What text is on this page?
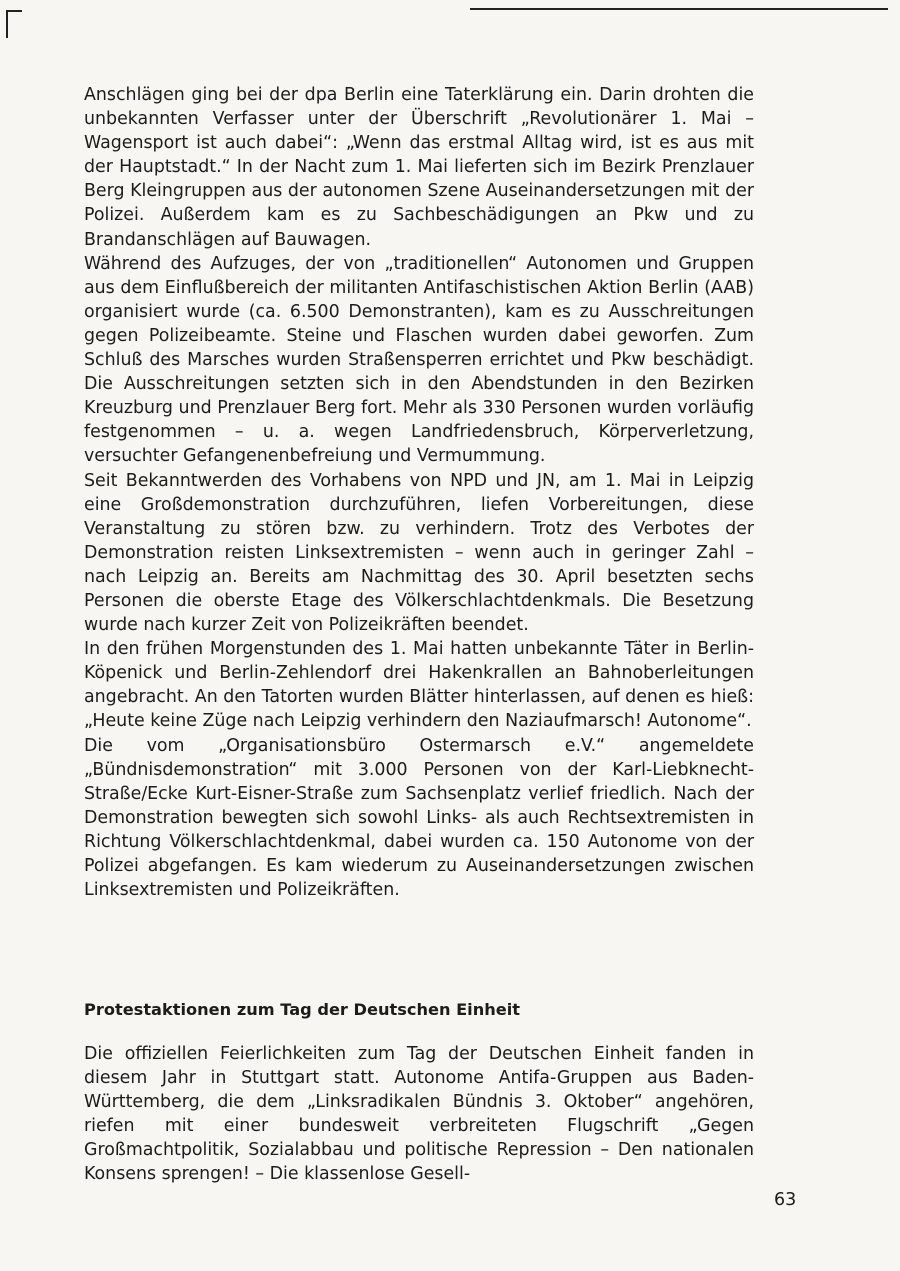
Anschlägen ging bei der dpa Berlin eine Taterklärung ein. Darin drohten die unbekannten Verfasser unter der Überschrift „Revolutionärer 1. Mai – Wagensport ist auch dabei“: „Wenn das erstmal Alltag wird, ist es aus mit der Hauptstadt.“ In der Nacht zum 1. Mai lieferten sich im Bezirk Prenzlauer Berg Kleingruppen aus der autonomen Szene Auseinandersetzungen mit der Polizei. Außerdem kam es zu Sachbeschädigungen an Pkw und zu Brandanschlägen auf Bauwagen.

Während des Aufzuges, der von „traditionellen“ Autonomen und Gruppen aus dem Einflußbereich der militanten Antifaschistischen Aktion Berlin (AAB) organisiert wurde (ca. 6.500 Demonstranten), kam es zu Ausschreitungen gegen Polizeibeamte. Steine und Flaschen wurden dabei geworfen. Zum Schluß des Marsches wurden Straßensperren errichtet und Pkw beschädigt. Die Ausschreitungen setzten sich in den Abendstunden in den Bezirken Kreuzburg und Prenzlauer Berg fort. Mehr als 330 Personen wurden vorläufig festgenommen – u. a. wegen Landfriedensbruch, Körperverletzung, versuchter Gefangenenbefreiung und Vermummung.

Seit Bekanntwerden des Vorhabens von NPD und JN, am 1. Mai in Leipzig eine Großdemonstration durchzuführen, liefen Vorbereitungen, diese Veranstaltung zu stören bzw. zu verhindern. Trotz des Verbotes der Demonstration reisten Linksextremisten – wenn auch in geringer Zahl – nach Leipzig an. Bereits am Nachmittag des 30. April besetzten sechs Personen die oberste Etage des Völkerschlachtdenkmals. Die Besetzung wurde nach kurzer Zeit von Polizeikräften beendet.

In den frühen Morgenstunden des 1. Mai hatten unbekannte Täter in Berlin-Köpenick und Berlin-Zehlendorf drei Hakenkrallen an Bahnoberleitungen angebracht. An den Tatorten wurden Blätter hinterlassen, auf denen es hieß: „Heute keine Züge nach Leipzig verhindern den Naziaufmarsch! Autonome“.

Die vom „Organisationsbüro Ostermarsch e.V.“ angemeldete „Bündnisdemonstration“ mit 3.000 Personen von der Karl-Liebknecht-Straße/Ecke Kurt-Eisner-Straße zum Sachsenplatz verlief friedlich. Nach der Demonstration bewegten sich sowohl Links- als auch Rechtsextremisten in Richtung Völkerschlachtdenkmal, dabei wurden ca. 150 Autonome von der Polizei abgefangen. Es kam wiederum zu Auseinandersetzungen zwischen Linksextremisten und Polizeikräften.

Protestaktionen zum Tag der Deutschen Einheit

Die offiziellen Feierlichkeiten zum Tag der Deutschen Einheit fanden in diesem Jahr in Stuttgart statt. Autonome Antifa-Gruppen aus Baden-Württemberg, die dem „Linksradikalen Bündnis 3. Oktober“ angehören, riefen mit einer bundesweit verbreiteten Flugschrift „Gegen Großmachtpolitik, Sozialabbau und politische Repression – Den nationalen Konsens sprengen! – Die klassenlose Gesell-

63
